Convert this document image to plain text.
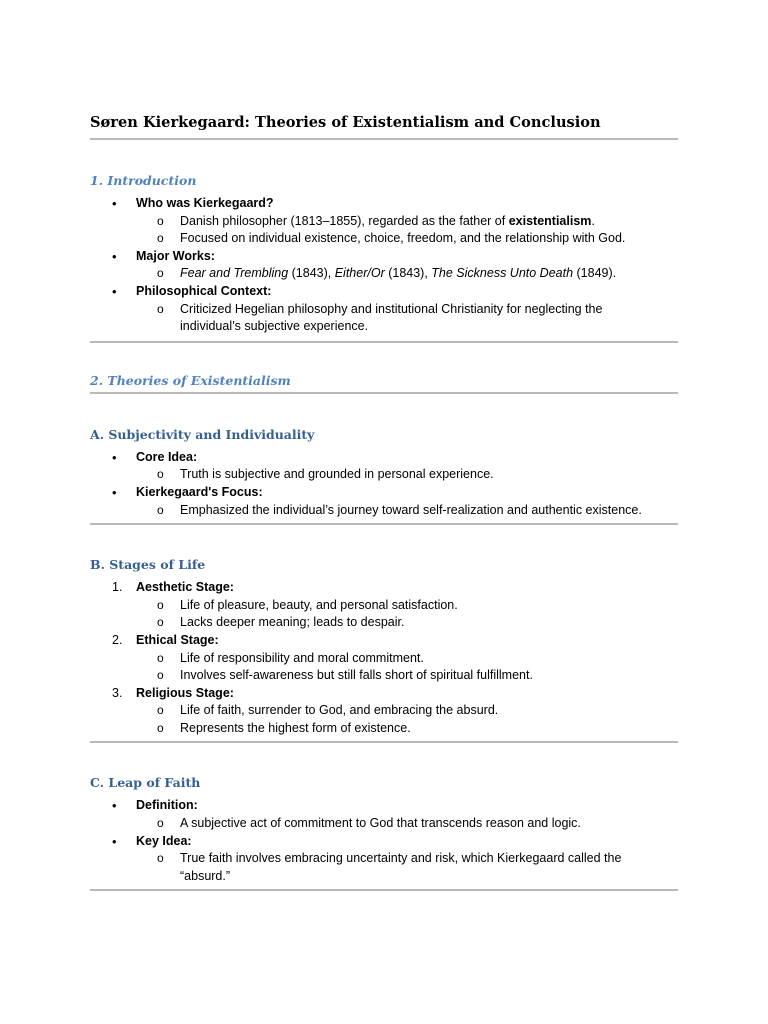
Søren Kierkegaard: Theories of Existentialism and Conclusion
1. Introduction
• Who was Kierkegaard?
o Danish philosopher (1813–1855), regarded as the father of existentialism.
o Focused on individual existence, choice, freedom, and the relationship with God.
• Major Works:
o Fear and Trembling (1843), Either/Or (1843), The Sickness Unto Death (1849).
• Philosophical Context:
o Criticized Hegelian philosophy and institutional Christianity for neglecting the
individual’s subjective experience.
2. Theories of Existentialism
A. Subjectivity and Individuality
• Core Idea:
o Truth is subjective and grounded in personal experience.
• Kierkegaard's Focus:
o Emphasized the individual’s journey toward self-realization and authentic existence.
B. Stages of Life
1. Aesthetic Stage:
o Life of pleasure, beauty, and personal satisfaction.
o Lacks deeper meaning; leads to despair.
2. Ethical Stage:
o Life of responsibility and moral commitment.
o Involves self-awareness but still falls short of spiritual fulfillment.
3. Religious Stage:
o Life of faith, surrender to God, and embracing the absurd.
o Represents the highest form of existence.
C. Leap of Faith
• Definition:
o A subjective act of commitment to God that transcends reason and logic.
• Key Idea:
o True faith involves embracing uncertainty and risk, which Kierkegaard called the
“absurd.”
